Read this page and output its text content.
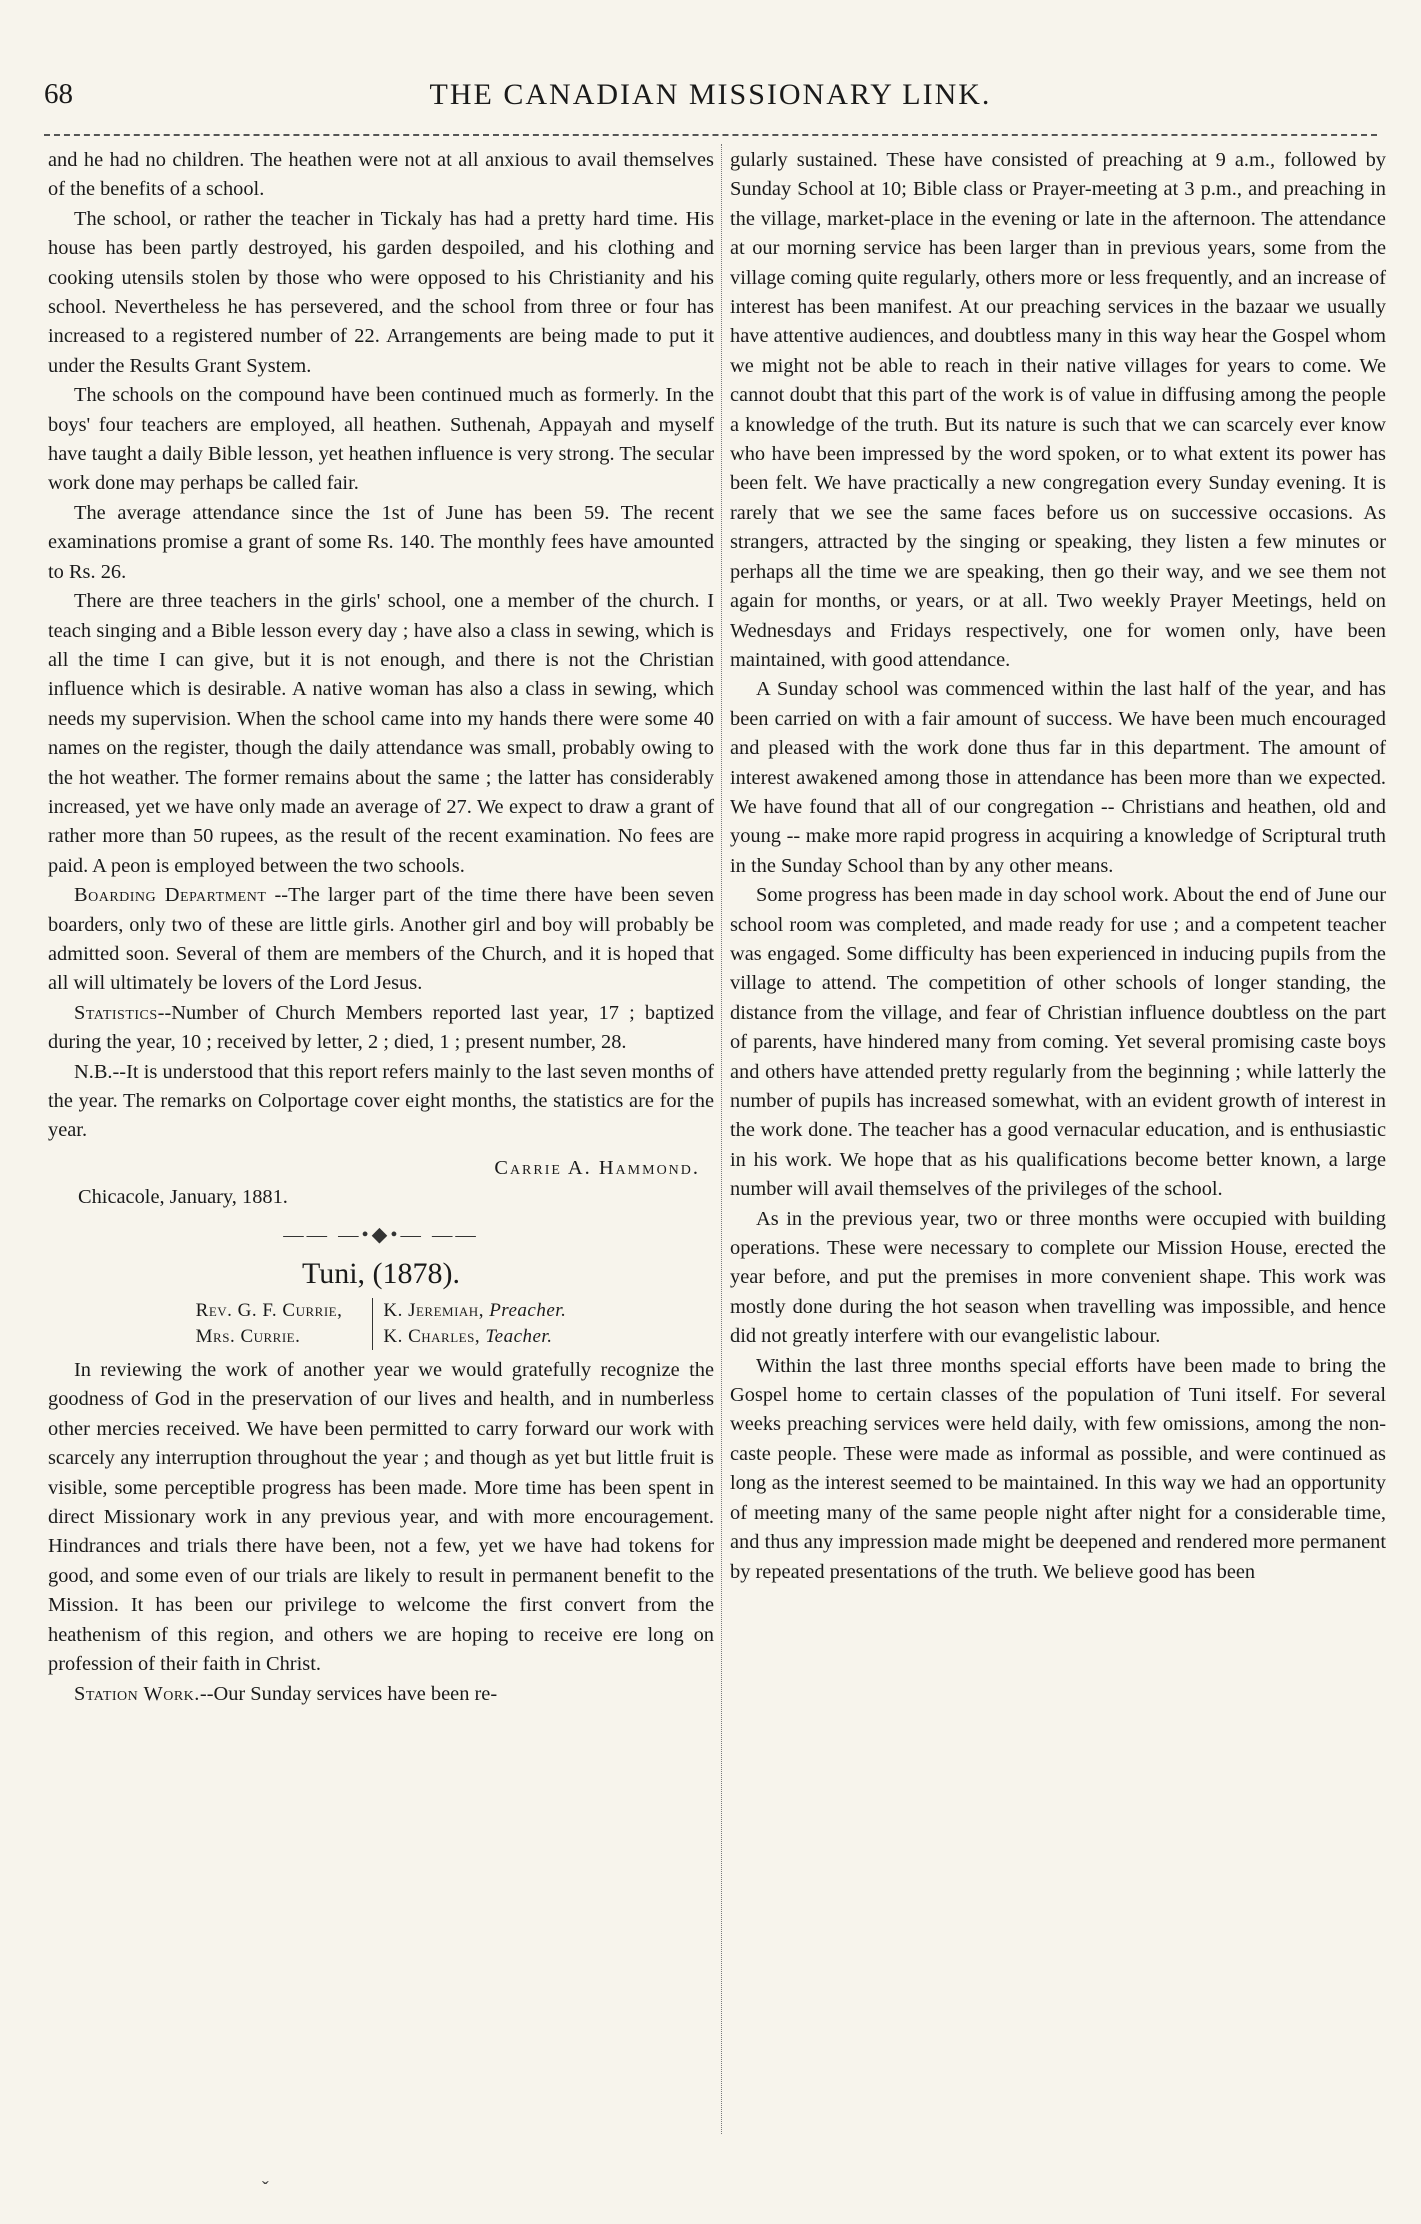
68	THE CANADIAN MISSIONARY LINK.

and he had no children. The heathen were not at all anxious to avail themselves of the benefits of a school.

The school, or rather the teacher in Tickaly has had a pretty hard time. His house has been partly destroyed, his garden despoiled, and his clothing and cooking utensils stolen by those who were opposed to his Christianity and his school. Nevertheless he has persevered, and the school from three or four has increased to a registered number of 22. Arrangements are being made to put it under the Results Grant System.

The schools on the compound have been continued much as formerly. In the boys' four teachers are employed, all heathen. Suthenah, Appayah and myself have taught a daily Bible lesson, yet heathen influence is very strong. The secular work done may perhaps be called fair.

The average attendance since the 1st of June has been 59. The recent examinations promise a grant of some Rs. 140. The monthly fees have amounted to Rs. 26.

There are three teachers in the girls' school, one a member of the church. I teach singing and a Bible lesson every day ; have also a class in sewing, which is all the time I can give, but it is not enough, and there is not the Christian influence which is desirable. A native woman has also a class in sewing, which needs my supervision. When the school came into my hands there were some 40 names on the register, though the daily attendance was small, probably owing to the hot weather. The former remains about the same ; the latter has considerably increased, yet we have only made an average of 27. We expect to draw a grant of rather more than 50 rupees, as the result of the recent examination. No fees are paid. A peon is employed between the two schools.

Boarding Department --The larger part of the time there have been seven boarders, only two of these are little girls. Another girl and boy will probably be admitted soon. Several of them are members of the Church, and it is hoped that all will ultimately be lovers of the Lord Jesus.

Statistics--Number of Church Members reported last year, 17 ; baptized during the year, 10 ; received by letter, 2 ; died, 1 ; present number, 28.

N.B.--It is understood that this report refers mainly to the last seven months of the year. The remarks on Colportage cover eight months, the statistics are for the year.

Carrie A. Hammond.
Chicacole, January, 1881.
—— —•◆•— ——
Tuni, (1878).
Rev. G. F. Currie,
Mrs. Currie.
K. Jeremiah, Preacher.
K. Charles, Teacher.

In reviewing the work of another year we would gratefully recognize the goodness of God in the preservation of our lives and health, and in numberless other mercies received. We have been permitted to carry forward our work with scarcely any interruption throughout the year ; and though as yet but little fruit is visible, some perceptible progress has been made. More time has been spent in direct Missionary work in any previous year, and with more encouragement. Hindrances and trials there have been, not a few, yet we have had tokens for good, and some even of our trials are likely to result in permanent benefit to the Mission. It has been our privilege to welcome the first convert from the heathenism of this region, and others we are hoping to receive ere long on profession of their faith in Christ.

Station Work.--Our Sunday services have been re-

gularly sustained. These have consisted of preaching at 9 a.m., followed by Sunday School at 10; Bible class or Prayer-meeting at 3 p.m., and preaching in the village, market-place in the evening or late in the afternoon. The attendance at our morning service has been larger than in previous years, some from the village coming quite regularly, others more or less frequently, and an increase of interest has been manifest. At our preaching services in the bazaar we usually have attentive audiences, and doubtless many in this way hear the Gospel whom we might not be able to reach in their native villages for years to come. We cannot doubt that this part of the work is of value in diffusing among the people a knowledge of the truth. But its nature is such that we can scarcely ever know who have been impressed by the word spoken, or to what extent its power has been felt. We have practically a new congregation every Sunday evening. It is rarely that we see the same faces before us on successive occasions. As strangers, attracted by the singing or speaking, they listen a few minutes or perhaps all the time we are speaking, then go their way, and we see them not again for months, or years, or at all. Two weekly Prayer Meetings, held on Wednesdays and Fridays respectively, one for women only, have been maintained, with good attendance.

A Sunday school was commenced within the last half of the year, and has been carried on with a fair amount of success. We have been much encouraged and pleased with the work done thus far in this department. The amount of interest awakened among those in attendance has been more than we expected. We have found that all of our congregation -- Christians and heathen, old and young -- make more rapid progress in acquiring a knowledge of Scriptural truth in the Sunday School than by any other means.

Some progress has been made in day school work. About the end of June our school room was completed, and made ready for use ; and a competent teacher was engaged. Some difficulty has been experienced in inducing pupils from the village to attend. The competition of other schools of longer standing, the distance from the village, and fear of Christian influence doubtless on the part of parents, have hindered many from coming. Yet several promising caste boys and others have attended pretty regularly from the beginning ; while latterly the number of pupils has increased somewhat, with an evident growth of interest in the work done. The teacher has a good vernacular education, and is enthusiastic in his work. We hope that as his qualifications become better known, a large number will avail themselves of the privileges of the school.

As in the previous year, two or three months were occupied with building operations. These were necessary to complete our Mission House, erected the year before, and put the premises in more convenient shape. This work was mostly done during the hot season when travelling was impossible, and hence did not greatly interfere with our evangelistic labour.

Within the last three months special efforts have been made to bring the Gospel home to certain classes of the population of Tuni itself. For several weeks preaching services were held daily, with few omissions, among the non-caste people. These were made as informal as possible, and were continued as long as the interest seemed to be maintained. In this way we had an opportunity of meeting many of the same people night after night for a considerable time, and thus any impression made might be deepened and rendered more permanent by repeated presentations of the truth. We believe good has been

ˇ
